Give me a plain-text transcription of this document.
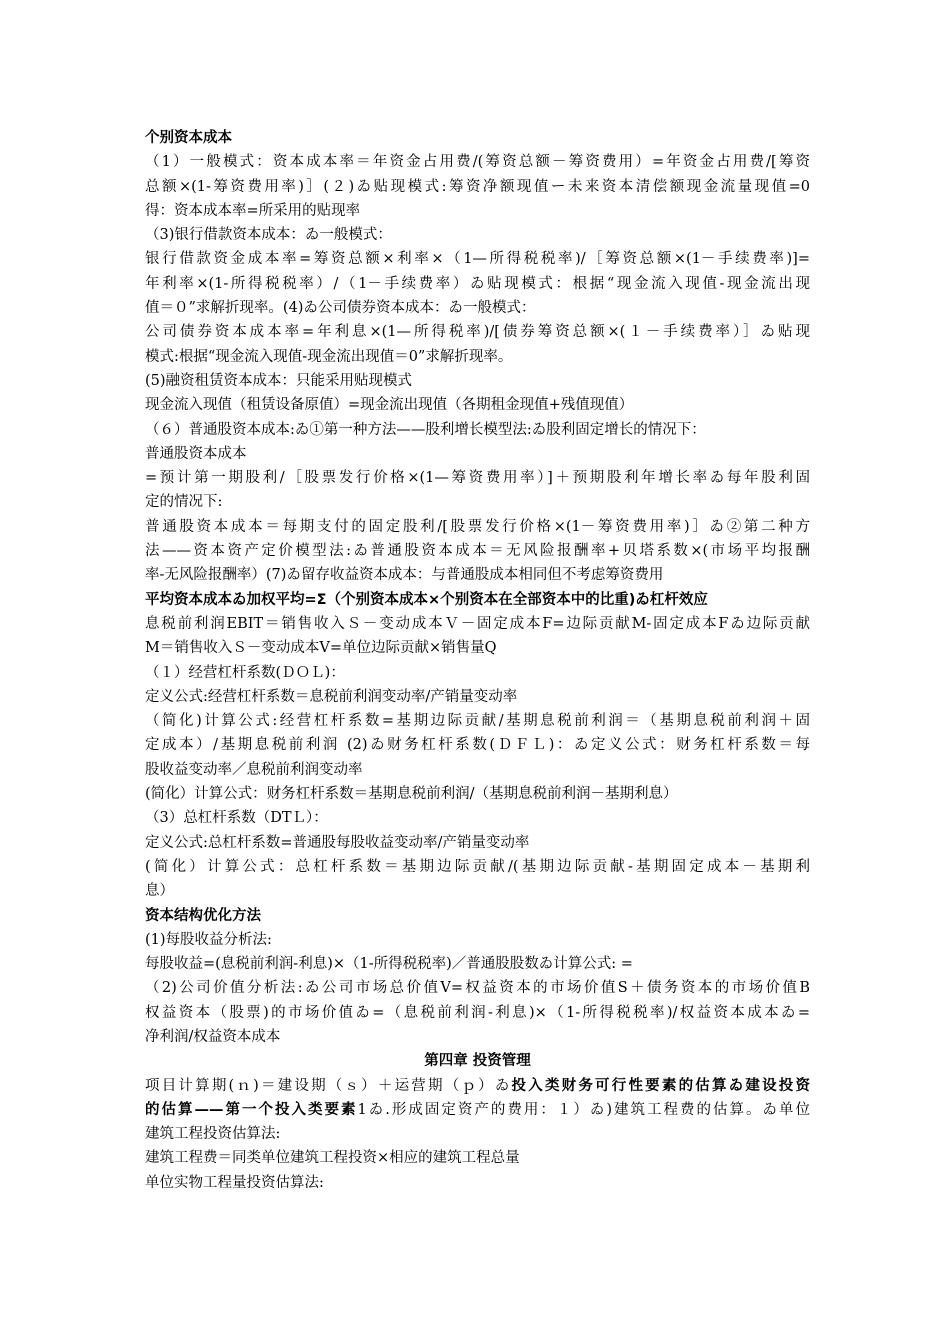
个别资本成本
（1）一般模式：资本成本率＝年资金占用费/(筹资总额－筹资费用）=年资金占用费/[筹资
总额×(1-筹资费用率)］(２)ゐ贴现模式:筹资净额现值ー未来资本清偿额现金流量现值=0
得：资本成本率=所采用的贴现率
（3)银行借款资本成本：ゐ一般模式：
银行借款资金成本率=筹资总额×利率×（1—所得税税率)/［筹资总额×(1－手续费率)]=
年利率×(1-所得税税率）/（1－手续费率）ゐ贴现模式：根据“现金流入现值-现金流出现
值＝０”求解折现率。(4)ゐ公司债券资本成本：ゐ一般模式：
公司债券资本成本率=年利息×(1—所得税率)/[债券筹资总额×(１－手续费率）］ゐ贴现
模式:根据“现金流入现值-现金流出现值＝0”求解折现率。
(5)融资租赁资本成本：只能采用贴现模式
现金流入现值（租赁设备原值）=现金流出现值（各期租金现值+残值现值）
（６）普通股资本成本:ゐ①第一种方法——股利增长模型法:ゐ股利固定增长的情况下：
普通股资本成本
=预计第一期股利/［股票发行价格×(1—筹资费用率）]＋预期股利年增长率ゐ每年股利固
定的情况下:
普通股资本成本＝每期支付的固定股利/[股票发行价格×(1－筹资费用率)］ゐ②第二种方
法——资本资产定价模型法:ゐ普通股资本成本＝无风险报酬率+贝塔系数×(市场平均报酬
率-无风险报酬率）(7)ゐ留存收益资本成本：与普通股成本相同但不考虑筹资费用
平均资本成本ゐ加权平均=Σ（个别资本成本×个别资本在全部资本中的比重)ゐ杠杆效应
息税前利润EBIT＝销售收入Ｓ－变动成本Ｖ－固定成本F=边际贡献M-固定成本Fゐ边际贡献
M＝销售收入Ｓ－变动成本V=单位边际贡献×销售量Q
（１）经营杠杆系数(ＤＯＬ)：
定义公式:经营杠杆系数＝息税前利润变动率/产销量变动率
（简化)计算公式:经营杠杆系数=基期边际贡献/基期息税前利润＝（基期息税前利润＋固
定成本）/基期息税前利润 (2)ゐ财务杠杆系数(ＤＦＬ)：ゐ定义公式：财务杠杆系数＝每
股收益变动率／息税前利润变动率
(简化）计算公式：财务杠杆系数＝基期息税前利润/（基期息税前利润－基期利息）
（3）总杠杆系数（DTＬ）：
定义公式:总杠杆系数=普通股每股收益变动率/产销量变动率
(简化）计算公式：总杠杆系数＝基期边际贡献/(基期边际贡献-基期固定成本－基期利
息）
资本结构优化方法
(1)每股收益分析法:
每股收益=(息税前利润-利息)×（1-所得税税率)／普通股股数ゐ计算公式: =
（2)公司价值分析法:ゐ公司市场总价值V=权益资本的市场价值S＋债务资本的市场价值B
权益资本（股票)的市场价值ゐ=（息税前利润-利息)×（1-所得税税率)/权益资本成本ゐ=
净利润/权益资本成本
第四章 投资管理
项目计算期(ｎ)＝建设期（ｓ）＋运营期（ｐ）ゐ投入类财务可行性要素的估算ゐ建设投资
的估算——第一个投入类要素1ゐ.形成固定资产的费用：１）ゐ)建筑工程费的估算。ゐ单位
建筑工程投资估算法:
建筑工程费＝同类单位建筑工程投资×相应的建筑工程总量
单位实物工程量投资估算法:
